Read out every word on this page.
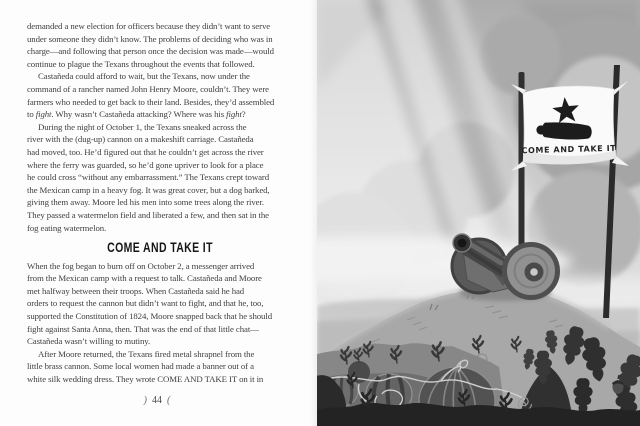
demanded a new election for officers because they didn’t want to serve
under someone they didn’t know. The problems of deciding who was in
charge—and following that person once the decision was made—would
continue to plague the Texans throughout the events that followed.

Castañeda could afford to wait, but the Texans, now under the
command of a rancher named John Henry Moore, couldn’t. They were
farmers who needed to get back to their land. Besides, they’d assembled
to fight. Why wasn’t Castañeda attacking? Where was his fight?

During the night of October 1, the Texans sneaked across the
river with the (dug-up) cannon on a makeshift carriage. Castañeda
had moved, too. He’d figured out that he couldn’t get across the river
where the ferry was guarded, so he’d gone upriver to look for a place
he could cross “without any embarrassment.” The Texans crept toward
the Mexican camp in a heavy fog. It was great cover, but a dog barked,
giving them away. Moore led his men into some trees along the river.
They passed a watermelon field and liberated a few, and then sat in the
fog eating watermelon.

COME AND TAKE IT

When the fog began to burn off on October 2, a messenger arrived
from the Mexican camp with a request to talk. Castañeda and Moore
met halfway between their troops. When Castañeda said he had
orders to request the cannon but didn’t want to fight, and that he, too,
supported the Constitution of 1824, Moore snapped back that he should
fight against Santa Anna, then. That was the end of that little chat—
Castañeda wasn’t willing to mutiny.

After Moore returned, the Texans fired metal shrapnel from the
little brass cannon. Some local women had made a banner out of a
white silk wedding dress. They wrote COME AND TAKE IT on it in

) 44 (
COME AND TAKE IT
